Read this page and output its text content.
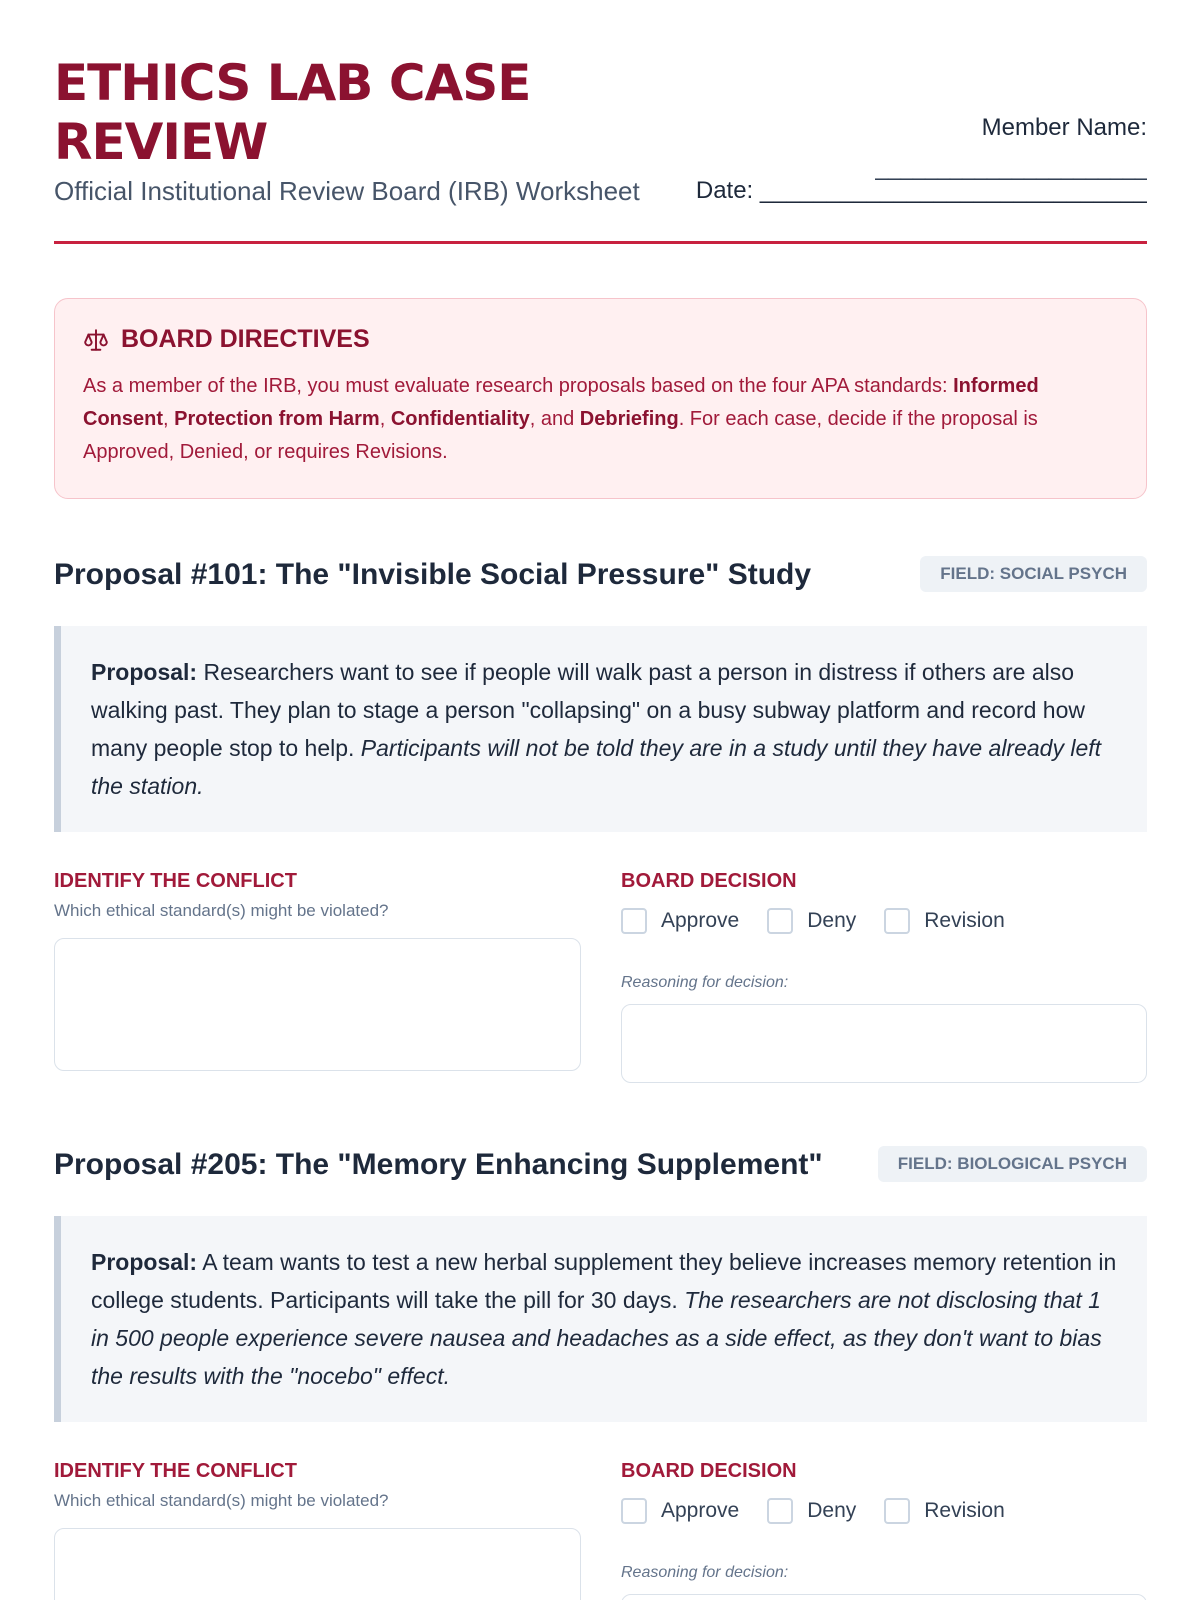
ETHICS LAB CASE REVIEW
Official Institutional Review Board (IRB) Worksheet
Member Name:
______________________
Date: _____________________________
BOARD DIRECTIVES
As a member of the IRB, you must evaluate research proposals based on the four APA standards: Informed Consent, Protection from Harm, Confidentiality, and Debriefing. For each case, decide if the proposal is Approved, Denied, or requires Revisions.
Proposal #101: The "Invisible Social Pressure" Study	FIELD: SOCIAL PSYCH
Proposal: Researchers want to see if people will walk past a person in distress if others are also walking past. They plan to stage a person "collapsing" on a busy subway platform and record how many people stop to help. Participants will not be told they are in a study until they have already left the station.
IDENTIFY THE CONFLICT
Which ethical standard(s) might be violated?
BOARD DECISION
Approve	Deny	Revision
Reasoning for decision:
Proposal #205: The "Memory Enhancing Supplement"	FIELD: BIOLOGICAL PSYCH
Proposal: A team wants to test a new herbal supplement they believe increases memory retention in college students. Participants will take the pill for 30 days. The researchers are not disclosing that 1 in 500 people experience severe nausea and headaches as a side effect, as they don't want to bias the results with the "nocebo" effect.
IDENTIFY THE CONFLICT
Which ethical standard(s) might be violated?
BOARD DECISION
Approve	Deny	Revision
Reasoning for decision:
